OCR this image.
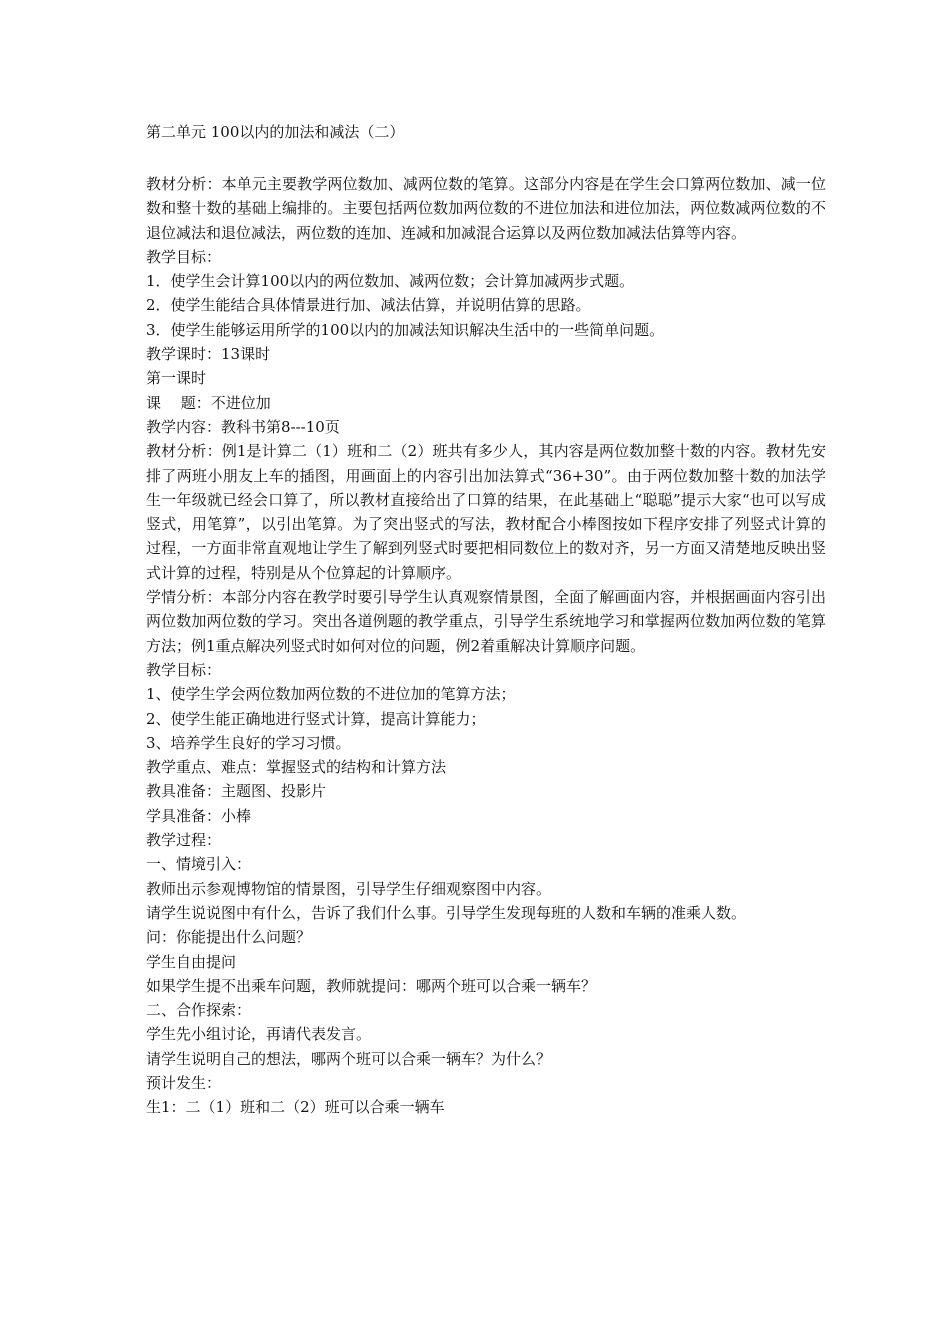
第二单元 100以内的加法和减法（二）

教材分析：本单元主要教学两位数加、减两位数的笔算。这部分内容是在学生会口算两位数加、减一位数和整十数的基础上编排的。主要包括两位数加两位数的不进位加法和进位加法，两位数减两位数的不退位减法和退位减法，两位数的连加、连减和加减混合运算以及两位数加减法估算等内容。

教学目标：

1．使学生会计算100以内的两位数加、减两位数；会计算加减两步式题。

2．使学生能结合具体情景进行加、减法估算，并说明估算的思路。

3．使学生能够运用所学的100以内的加减法知识解决生活中的一些简单问题。

教学课时：13课时

第一课时

课　 题：不进位加

教学内容：教科书第8---10页

教材分析：例1是计算二（1）班和二（2）班共有多少人，其内容是两位数加整十数的内容。教材先安排了两班小朋友上车的插图，用画面上的内容引出加法算式“36+30”。由于两位数加整十数的加法学生一年级就已经会口算了，所以教材直接给出了口算的结果，在此基础上“聪聪”提示大家“也可以写成竖式，用笔算”，以引出笔算。为了突出竖式的写法，教材配合小棒图按如下程序安排了列竖式计算的过程，一方面非常直观地让学生了解到列竖式时要把相同数位上的数对齐，另一方面又清楚地反映出竖式计算的过程，特别是从个位算起的计算顺序。

学情分析：本部分内容在教学时要引导学生认真观察情景图，全面了解画面内容，并根据画面内容引出两位数加两位数的学习。突出各道例题的教学重点，引导学生系统地学习和掌握两位数加两位数的笔算方法；例1重点解决列竖式时如何对位的问题，例2着重解决计算顺序问题。

教学目标：

1、使学生学会两位数加两位数的不进位加的笔算方法；

2、使学生能正确地进行竖式计算，提高计算能力；

3、培养学生良好的学习习惯。

教学重点、难点：掌握竖式的结构和计算方法

教具准备：主题图、投影片

学具准备：小棒

教学过程：

一、情境引入：

教师出示参观博物馆的情景图，引导学生仔细观察图中内容。

请学生说说图中有什么，告诉了我们什么事。引导学生发现每班的人数和车辆的准乘人数。

问：你能提出什么问题？

学生自由提问

如果学生提不出乘车问题，教师就提问：哪两个班可以合乘一辆车？

二、合作探索：

学生先小组讨论，再请代表发言。

请学生说明自己的想法，哪两个班可以合乘一辆车？为什么？

预计发生：

生1：二（1）班和二（2）班可以合乘一辆车
